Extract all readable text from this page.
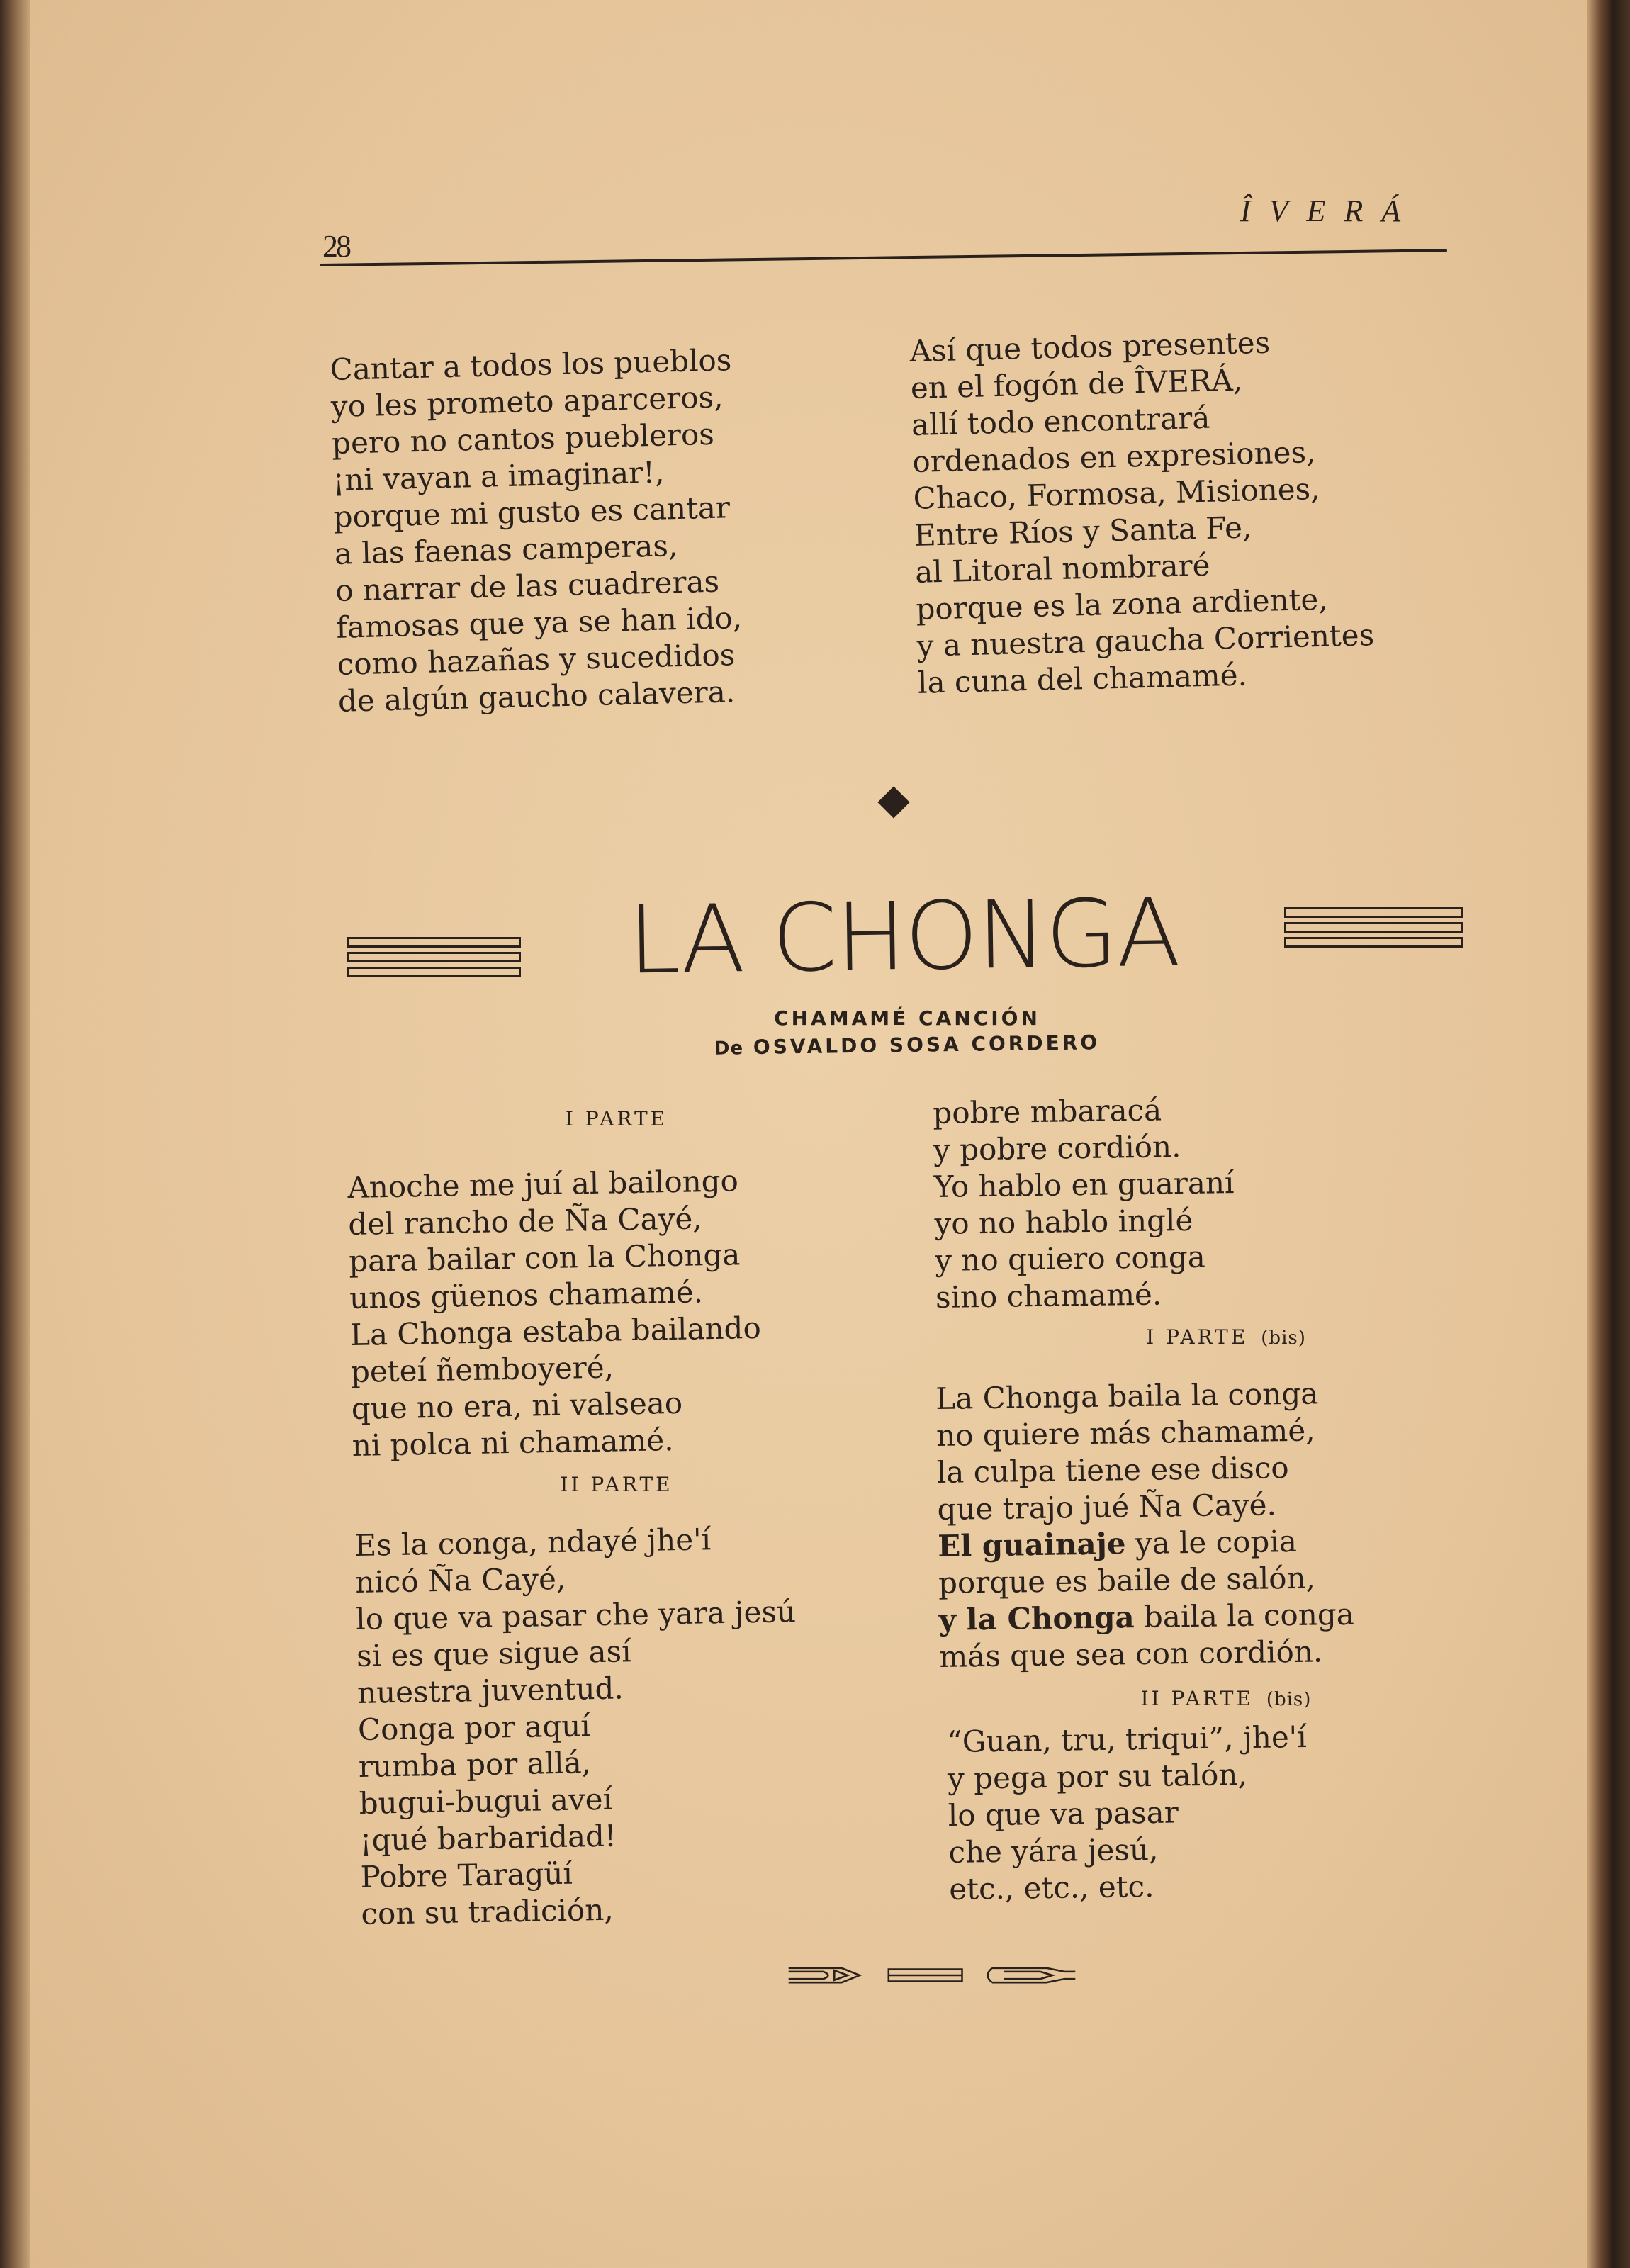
28
ÎVERÁ
Cantar a todos los pueblos
yo les prometo aparceros,
pero no cantos puebleros
¡ni vayan a imaginar!,
porque mi gusto es cantar
a las faenas camperas,
o narrar de las cuadreras
famosas que ya se han ido,
como hazañas y sucedidos
de algún gaucho calavera.
Así que todos presentes
en el fogón de ÎVERÁ,
allí todo encontrará
ordenados en expresiones,
Chaco, Formosa, Misiones,
Entre Ríos y Santa Fe,
al Litoral nombraré
porque es la zona ardiente,
y a nuestra gaucha Corrientes
la cuna del chamamé.
LA CHONGA
CHAMAMÉ CANCIÓN
De OSVALDO SOSA CORDERO
I PARTE
Anoche me juí al bailongo
del rancho de Ña Cayé,
para bailar con la Chonga
unos güenos chamamé.
La Chonga estaba bailando
peteí ñemboyeré,
que no era, ni valseao
ni polca ni chamamé.
II PARTE
Es la conga, ndayé jhe'í
nicó Ña Cayé,
lo que va pasar che yara jesú
si es que sigue así
nuestra juventud.
Conga por aquí
rumba por allá,
bugui-bugui aveí
¡qué barbaridad!
Pobre Taragüí
con su tradición,
pobre mbaracá
y pobre cordión.
Yo hablo en guaraní
yo no hablo inglé
y no quiero conga
sino chamamé.
I PARTE (bis)
La Chonga baila la conga
no quiere más chamamé,
la culpa tiene ese disco
que trajo jué Ña Cayé.
El guainaje ya le copia
porque es baile de salón,
y la Chonga baila la conga
más que sea con cordión.
II PARTE (bis)
“Guan, tru, triqui”, jhe'í
y pega por su talón,
lo que va pasar
che yára jesú,
etc., etc., etc.
